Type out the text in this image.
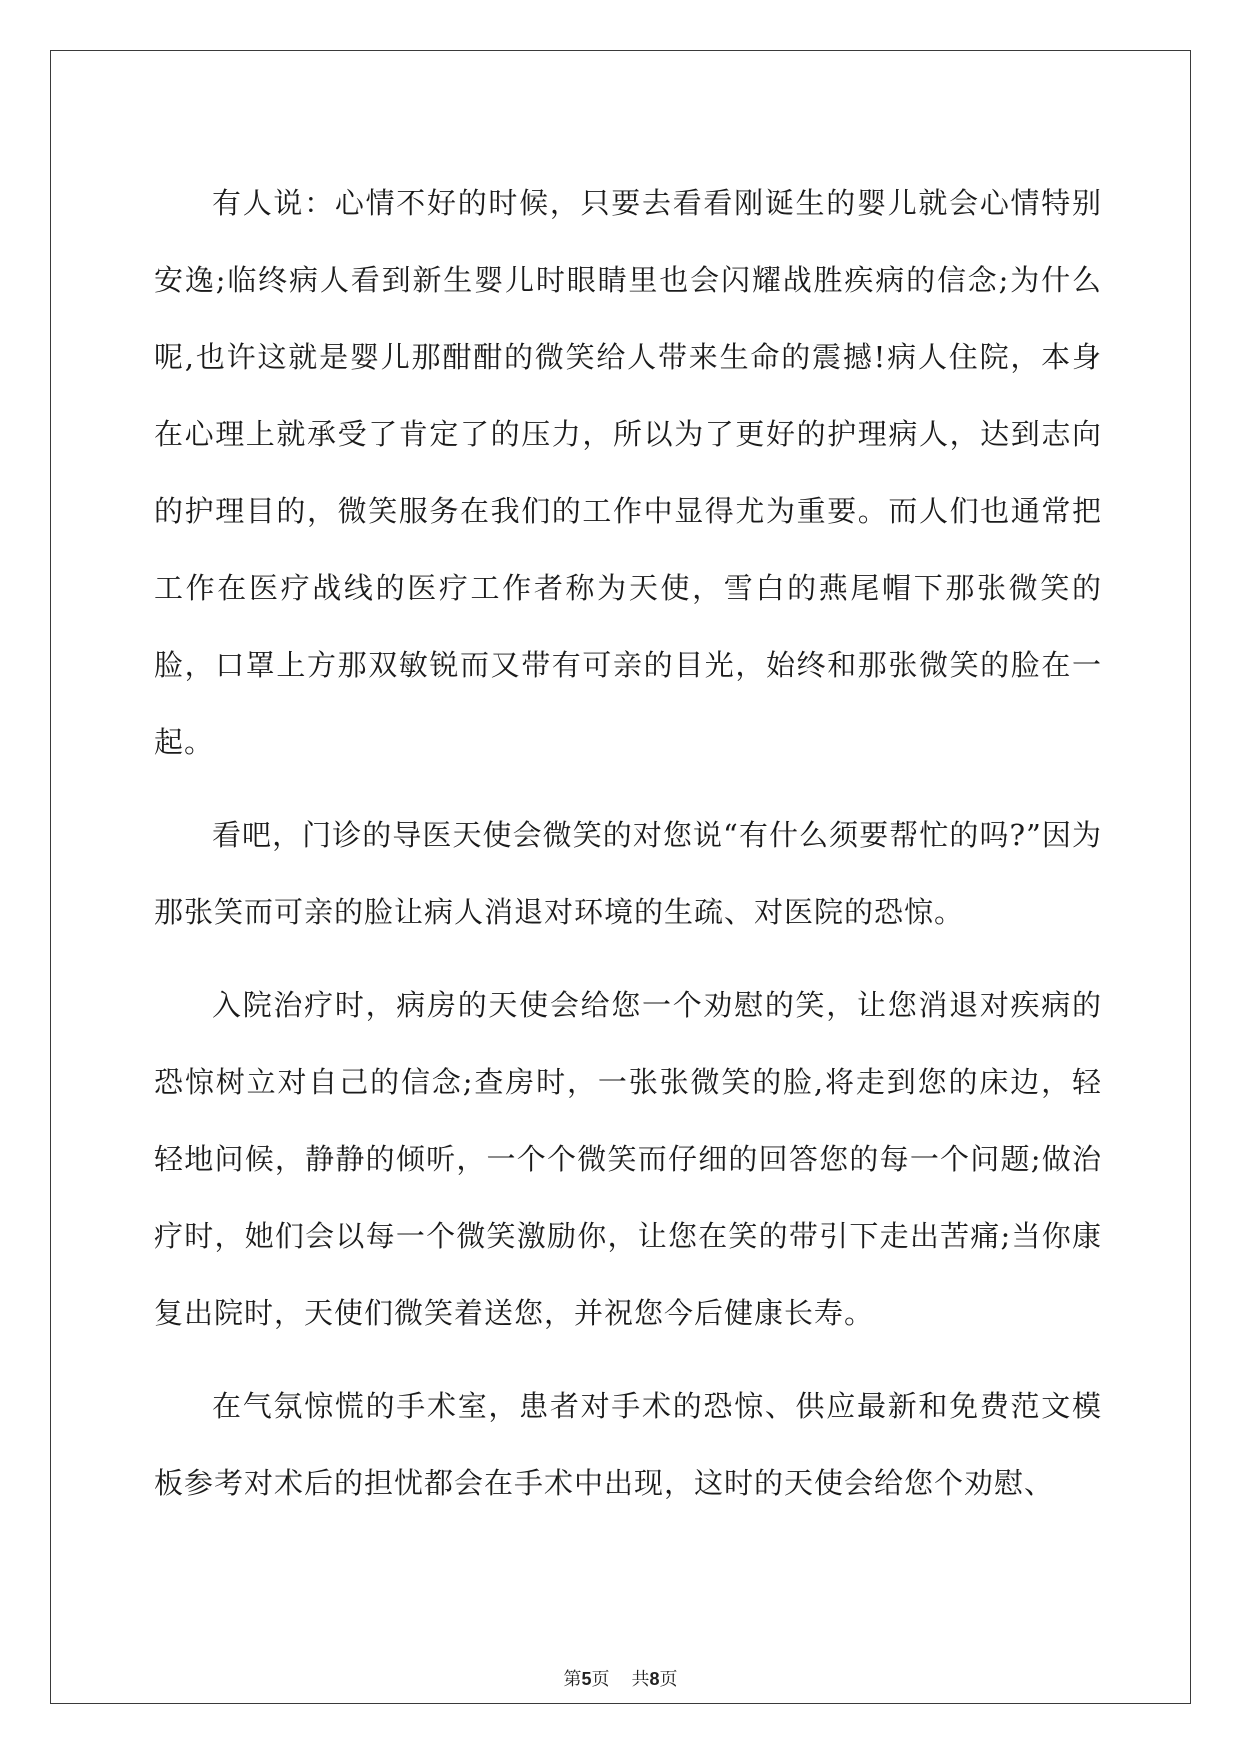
有人说：心情不好的时候，只要去看看刚诞生的婴儿就会心情特别安逸;临终病人看到新生婴儿时眼睛里也会闪耀战胜疾病的信念;为什么呢,也许这就是婴儿那酣酣的微笑给人带来生命的震撼!病人住院，本身在心理上就承受了肯定了的压力，所以为了更好的护理病人，达到志向的护理目的，微笑服务在我们的工作中显得尤为重要。而人们也通常把工作在医疗战线的医疗工作者称为天使，雪白的燕尾帽下那张微笑的脸，口罩上方那双敏锐而又带有可亲的目光，始终和那张微笑的脸在一起。

看吧，门诊的导医天使会微笑的对您说“有什么须要帮忙的吗?”因为那张笑而可亲的脸让病人消退对环境的生疏、对医院的恐惊。

入院治疗时，病房的天使会给您一个劝慰的笑，让您消退对疾病的恐惊树立对自己的信念;查房时，一张张微笑的脸,将走到您的床边，轻轻地问候，静静的倾听，一个个微笑而仔细的回答您的每一个问题;做治疗时，她们会以每一个微笑激励你，让您在笑的带引下走出苦痛;当你康复出院时，天使们微笑着送您，并祝您今后健康长寿。

在气氛惊慌的手术室，患者对手术的恐惊、供应最新和免费范文模板参考对术后的担忧都会在手术中出现，这时的天使会给您个劝慰、

第5页 共8页
